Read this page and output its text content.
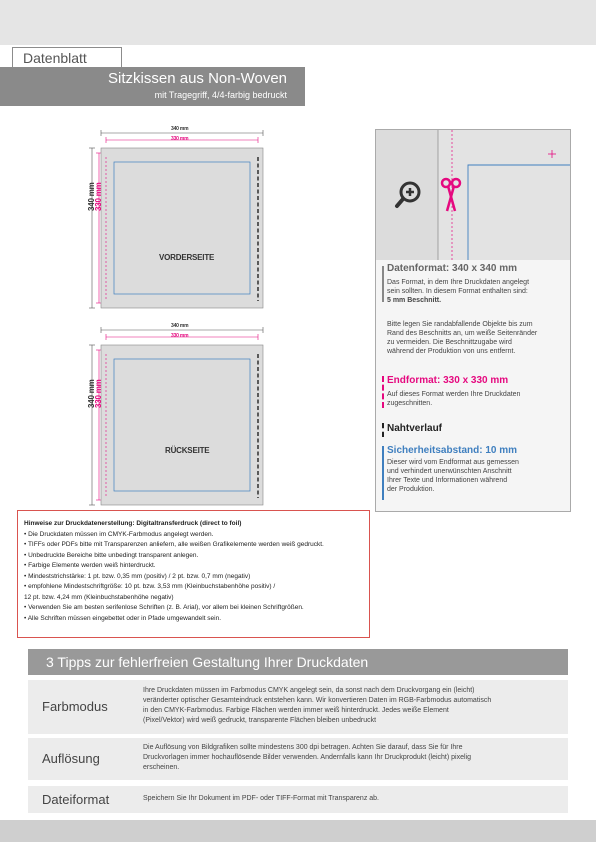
Datenblatt
Sitzkissen aus Non-Woven
mit Tragegriff, 4/4-farbig bedruckt
340 mm
330 mm
340 mm
330 mm
VORDERSEITE
340 mm
330 mm
340 mm
330 mm
RÜCKSEITE
Datenformat: 340 x 340 mm
Das Format, in dem Ihre Druckdaten angelegt
sein sollten. In diesem Format enthalten sind:
5 mm Beschnitt.
Bitte legen Sie randabfallende Objekte bis zum
Rand des Beschnitts an, um weiße Seitenränder
zu vermeiden. Die Beschnittzugabe wird
während der Produktion von uns entfernt.
Endformat: 330 x 330 mm
Auf dieses Format werden Ihre Druckdaten
zugeschnitten.
Nahtverlauf
Sicherheitsabstand: 10 mm
Dieser wird vom Endformat aus gemessen
und verhindert unerwünschten Anschnitt
Ihrer Texte und Informationen während
der Produktion.
Hinweise zur Druckdatenerstellung: Digitaltransferdruck (direct to foil)
• Die Druckdaten müssen im CMYK-Farbmodus angelegt werden.
• TIFFs oder PDFs bitte mit Transparenzen anliefern, alle weißen Grafikelemente werden weiß gedruckt.
• Unbedruckte Bereiche bitte unbedingt transparent anlegen.
• Farbige Elemente werden weiß hinterdruckt.
• Mindeststrichstärke: 1 pt. bzw. 0,35 mm (positiv) / 2 pt. bzw. 0,7 mm (negativ)
• empfohlene Mindestschriftgröße: 10 pt. bzw. 3,53 mm (Kleinbuchstabenhöhe positiv) /
12 pt. bzw. 4,24 mm (Kleinbuchstabenhöhe negativ)
• Verwenden Sie am besten serifenlose Schriften (z. B. Arial), vor allem bei kleinen Schriftgrößen.
• Alle Schriften müssen eingebettet oder in Pfade umgewandelt sein.
3 Tipps zur fehlerfreien Gestaltung Ihrer Druckdaten
Farbmodus
Ihre Druckdaten müssen im Farbmodus CMYK angelegt sein, da sonst nach dem Druckvorgang ein (leicht)
veränderter optischer Gesamteindruck entstehen kann. Wir konvertieren Daten im RGB-Farbmodus automatisch
in den CMYK-Farbmodus. Farbige Flächen werden immer weiß hinterdruckt. Jedes weiße Element
(Pixel/Vektor) wird weiß gedruckt, transparente Flächen bleiben unbedruckt
Auflösung
Die Auflösung von Bildgrafiken sollte mindestens 300 dpi betragen. Achten Sie darauf, dass Sie für Ihre
Druckvorlagen immer hochauflösende Bilder verwenden. Andernfalls kann Ihr Druckprodukt (leicht) pixelig
erscheinen.
Dateiformat	Speichern Sie Ihr Dokument im PDF- oder TIFF-Format mit Transparenz ab.
